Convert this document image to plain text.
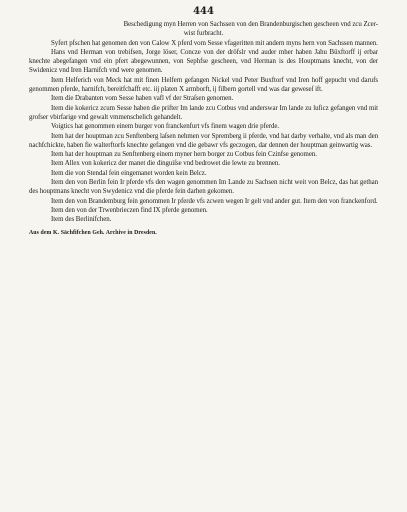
444

Beschedigung myn Herren von Sachssen von den Brandenburgischen gescheen vnd zcu Zcer-
wist furbracht.

Syfert pfschen hat genomen den von Calow X pferd vom Sesse vfageritten mit andern myns hern von Sachssen mannen.

Hans vnd Herman von trebifsen, Jorge löser, Concze von der dröfslr vnd auder mher haben Jahu Büxftorff ij erbar knechte abegefangen vnd ein pfert abegewunnen, von Sephfse gescheen, vnd Herman is des Houptmans knecht, von der Swidenicz vnd Iren Harnifch vnd were genomen.

Item Helferich von Meck hat mit finen Helfern gefangen Nickel vnd Peter Buxftorf vnd Iren hoff gepucht vnd darufs genommen pferde, harnifch, bereitfchafft etc. iij platen X armborft, ij filbern gortell vnd was dar geweseſ ift.

Item die Drabanten vom Sesse haben vafl vf der Straſsen genomen.

Item die kokericz zcum Sesse haben die prifter Im lande zcu Cotbus vnd anderswar Im lande zu luficz gefangen vnd mit grofser vbirfarige vnd gewalt vmmenschelich gehandelt.

Voigtics hat genommen einem burger von franckenfurt vfs finem wagen drie pferde.

Item hat der houptman zcu Senftenberg laſsen nehmen vor Spremberg ii pferde, vnd hat darby verhalte, vnd als man den nachfchickte, haben fie walterftorfs knechte gefangen vnd die gebawr vfs geczogen, dar dennen der houptman geinwartig was.

Item hat der houptman zu Senftenberg einem myner hern borger zu Cotbus fein Czinfse genomen.

Item Allex von kokericz der manet die dinguiſse vnd bedrowet die lewte zu brennen.

Item die von Stendal fein eingemanet worden kein Belcz.

Item den von Berlin fein Ir pferde vfs den wagen genommen Im Lande zu Sachsen nicht weit von Belcz, das hat gethan des houptmans knecht von Swydenicz vnd die pferde fein darhen gekomen.

Item den von Brandemburg fein genommen Ir pferde vfs zcwen wegen Ir gelt vnd ander gut. Item den von franckenford.

Item den von der Trwenbrieczen find IX pferde genomen.

Item des Berlinifchen.

Aus dem K. Sächfifchen Geh. Archive in Dresden.
